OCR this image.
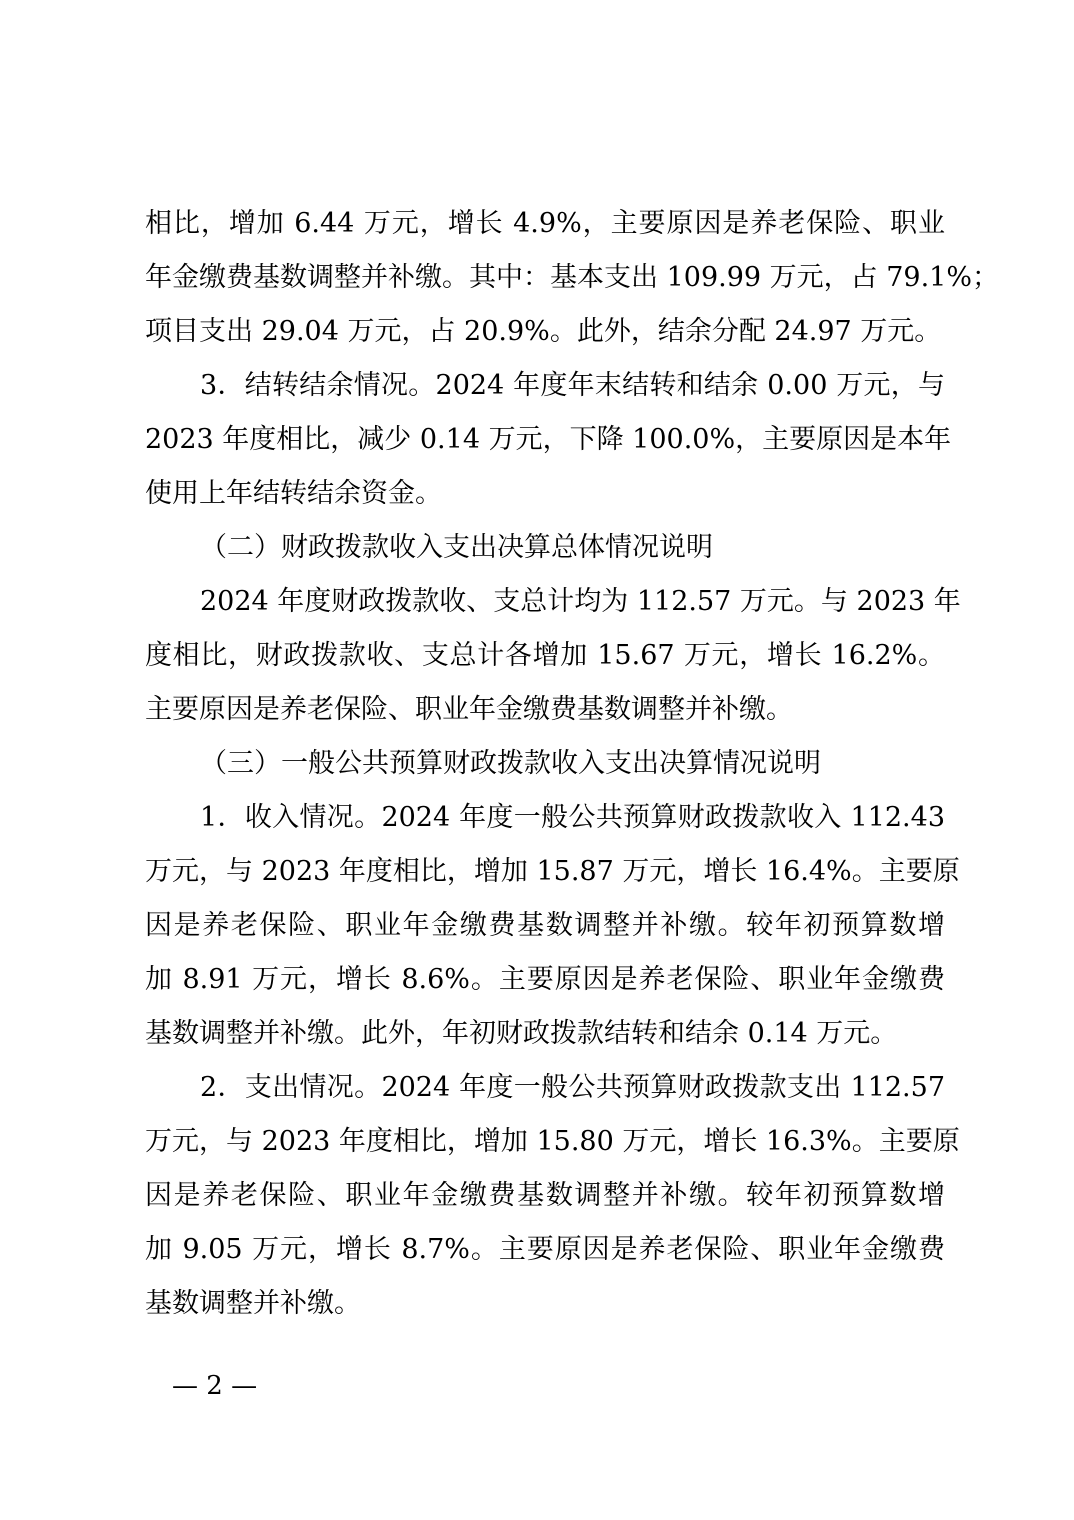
相比，增加 6.44 万元，增长 4.9%，主要原因是养老保险、职业
年金缴费基数调整并补缴。其中：基本支出 109.99 万元，占 79.1%；
项目支出 29.04 万元，占 20.9%。此外，结余分配 24.97 万元。
3．结转结余情况。2024 年度年末结转和结余 0.00 万元，与
2023 年度相比，减少 0.14 万元，下降 100.0%，主要原因是本年
使用上年结转结余资金。
（二）财政拨款收入支出决算总体情况说明
2024 年度财政拨款收、支总计均为 112.57 万元。与 2023 年
度相比，财政拨款收、支总计各增加 15.67 万元，增长 16.2%。
主要原因是养老保险、职业年金缴费基数调整并补缴。
（三）一般公共预算财政拨款收入支出决算情况说明
1．收入情况。2024 年度一般公共预算财政拨款收入 112.43
万元，与 2023 年度相比，增加 15.87 万元，增长 16.4%。主要原
因是养老保险、职业年金缴费基数调整并补缴。较年初预算数增
加 8.91 万元，增长 8.6%。主要原因是养老保险、职业年金缴费
基数调整并补缴。此外，年初财政拨款结转和结余 0.14 万元。
2．支出情况。2024 年度一般公共预算财政拨款支出 112.57
万元，与 2023 年度相比，增加 15.80 万元，增长 16.3%。主要原
因是养老保险、职业年金缴费基数调整并补缴。较年初预算数增
加 9.05 万元，增长 8.7%。主要原因是养老保险、职业年金缴费
基数调整并补缴。
— 2 —
